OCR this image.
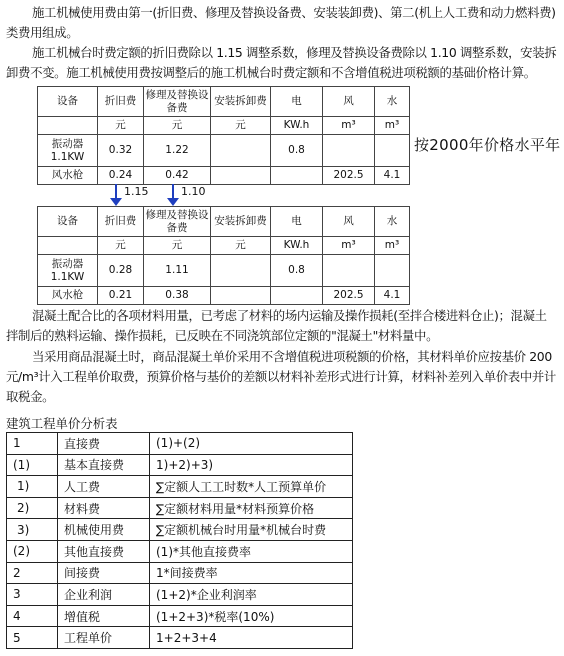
施工机械使用费由第一(折旧费、修理及替换设备费、安装装卸费)、第二(机上人工费和动力燃料费)类费用组成。

施工机械台时费定额的折旧费除以 1.15 调整系数，修理及替换设备费除以 1.10 调整系数，安装拆卸费不变。施工机械使用费按调整后的施工机械台时费定额和不含增值税进项税额的基础价格计算。

设备	折旧费	修理及替换设备费	安装拆卸费	电	风	水
	元	元	元	KW.h	m³	m³
振动器1.1KW	0.32	1.22		0.8		
风水枪	0.24	0.42			202.5	4.1
按2000年价格水平年
1.15	1.10
设备	折旧费	修理及替换设备费	安装拆卸费	电	风	水
	元	元	元	KW.h	m³	m³
振动器1.1KW	0.28	1.11		0.8		
风水枪	0.21	0.38			202.5	4.1

混凝土配合比的各项材料用量，已考虑了材料的场内运输及操作损耗(至拌合楼进料仓止)；混凝土拌制后的熟料运输、操作损耗，已反映在不同浇筑部位定额的"混凝土"材料量中。

当采用商品混凝土时，商品混凝土单价采用不含增值税进项税额的价格，其材料单价应按基价 200元/m³计入工程单价取费，预算价格与基价的差额以材料补差形式进行计算，材料补差列入单价表中并计取税金。

建筑工程单价分析表
1	直接费	(1)+(2)
(1)	基本直接费	1)+2)+3)
1)	人工费	∑定额人工工时数*人工预算单价
2)	材料费	∑定额材料用量*材料预算价格
3)	机械使用费	∑定额机械台时用量*机械台时费
(2)	其他直接费	(1)*其他直接费率
2	间接费	1*间接费率
3	企业利润	(1+2)*企业利润率
4	增值税	(1+2+3)*税率(10%)
5	工程单价	1+2+3+4
